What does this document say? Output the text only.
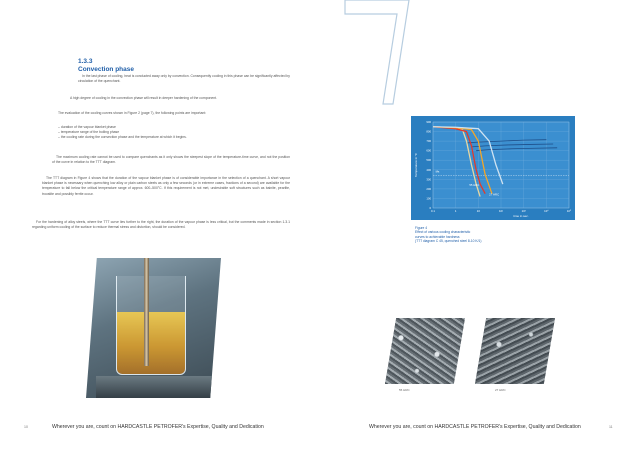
1.3.3
Convection phase
In the last phase of cooling, heat is conducted away only by convection. Consequently cooling in this phase can be significantly affected by circulation of the quenchant.
A high degree of cooling in the convection phase will result in deeper hardening of the component.
The evaluation of the cooling curves shown in Figure 2 (page 7), the following points are important:
– duration of the vapour blanket phase
– temperature range of the boiling phase
– the cooling rate during the convection phase and the temperature at which it begins.
The maximum cooling rate cannot be used to compare quenchants as it only shows the steepest slope of the temperature-time curve, and not the position of the curve in relation to the TTT diagram.
The TTT diagram in Figure 4 shows that the duration of the vapour blanket phase is of considerable importance in the selection of a quenchant. A short vapour blanket phase is necessary when quenching low alloy or plain carbon steels as only a few seconds (or in extreme cases, fractions of a second) are available for the temperature to fall below the critical temperature range of approx. 600–500°C. If this requirement is not met, undesirable soft structures such as bainite, pearlite, troostite and possibly ferrite occur.
For the hardening of alloy steels, where the TTT curve lies further to the right, the duration of the vapour phase is less critical, but the comments made in section 1.3.1 regarding uniform cooling of the surface to reduce thermal stress and distortion, should be considered.
10	Wherever you are, count on HARDCASTLE PETROFER's Expertise, Quality and Dedication
900
800
700
600
500
400
300
200
100
0
0.1	1	10	10²	10³	10⁴	10⁵
Temperature in °C
time in sec.
Ms
55 HRC
27 HRC
Figure 4
Effect of various cooling characteristic
curves to achievable hardness
(TTT diagram C 45, quenched steel 8-10 K/1)
55 HRC	27 HRC
Wherever you are, count on HARDCASTLE PETROFER's Expertise, Quality and Dedication	11
